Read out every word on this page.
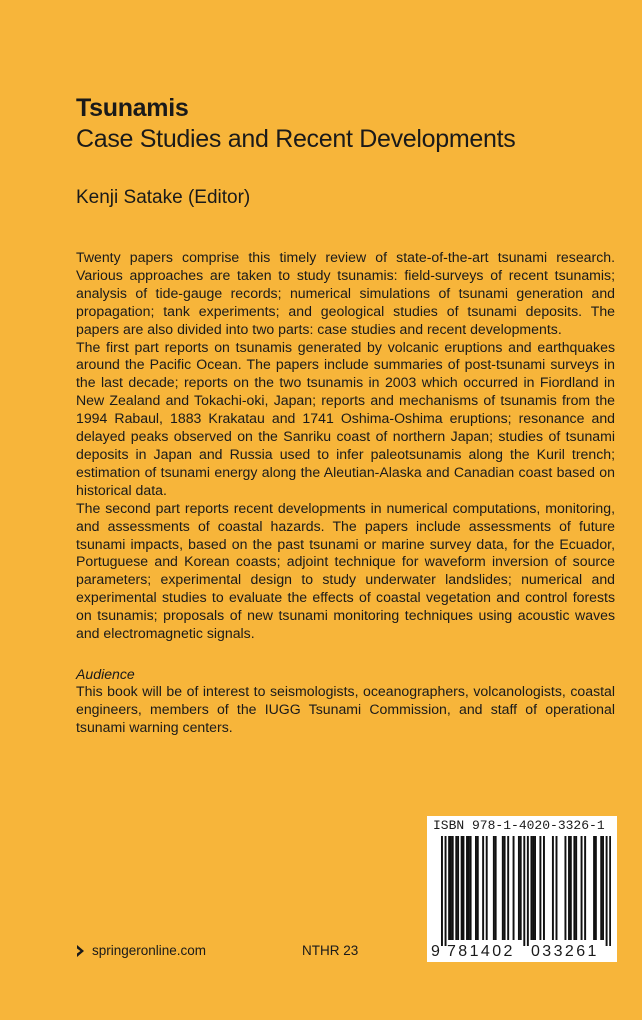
Tsunamis
Case Studies and Recent Developments
Kenji Satake (Editor)

Twenty papers comprise this timely review of state-of-the-art tsunami research. Various approaches are taken to study tsunamis: field-surveys of recent tsunamis; analysis of tide-gauge records; numerical simulations of tsunami generation and propagation; tank experiments; and geological studies of tsunami deposits. The papers are also divided into two parts: case studies and recent developments.

The first part reports on tsunamis generated by volcanic eruptions and earthquakes around the Pacific Ocean. The papers include summaries of post-tsunami surveys in the last decade; reports on the two tsunamis in 2003 which occurred in Fiordland in New Zealand and Tokachi-oki, Japan; reports and mechanisms of tsunamis from the 1994 Rabaul, 1883 Krakatau and 1741 Oshima-Oshima eruptions; resonance and delayed peaks observed on the Sanriku coast of northern Japan; studies of tsunami deposits in Japan and Russia used to infer paleotsunamis along the Kuril trench; estimation of tsunami energy along the Aleutian-Alaska and Canadian coast based on historical data.

The second part reports recent developments in numerical computations, monitoring, and assessments of coastal hazards. The papers include assessments of future tsunami impacts, based on the past tsunami or marine survey data, for the Ecuador, Portuguese and Korean coasts; adjoint technique for waveform inversion of source parameters; experimental design to study underwater landslides; numerical and experimental studies to evaluate the effects of coastal vegetation and control forests on tsunamis; proposals of new tsunami monitoring techniques using acoustic waves and electromagnetic signals.

Audience
This book will be of interest to seismologists, oceanographers, volcanologists, coastal engineers, members of the IUGG Tsunami Commission, and staff of operational tsunami warning centers.
ISBN 978-1-4020-3326-1
9 781402 033261
springeronline.com	NTHR 23
